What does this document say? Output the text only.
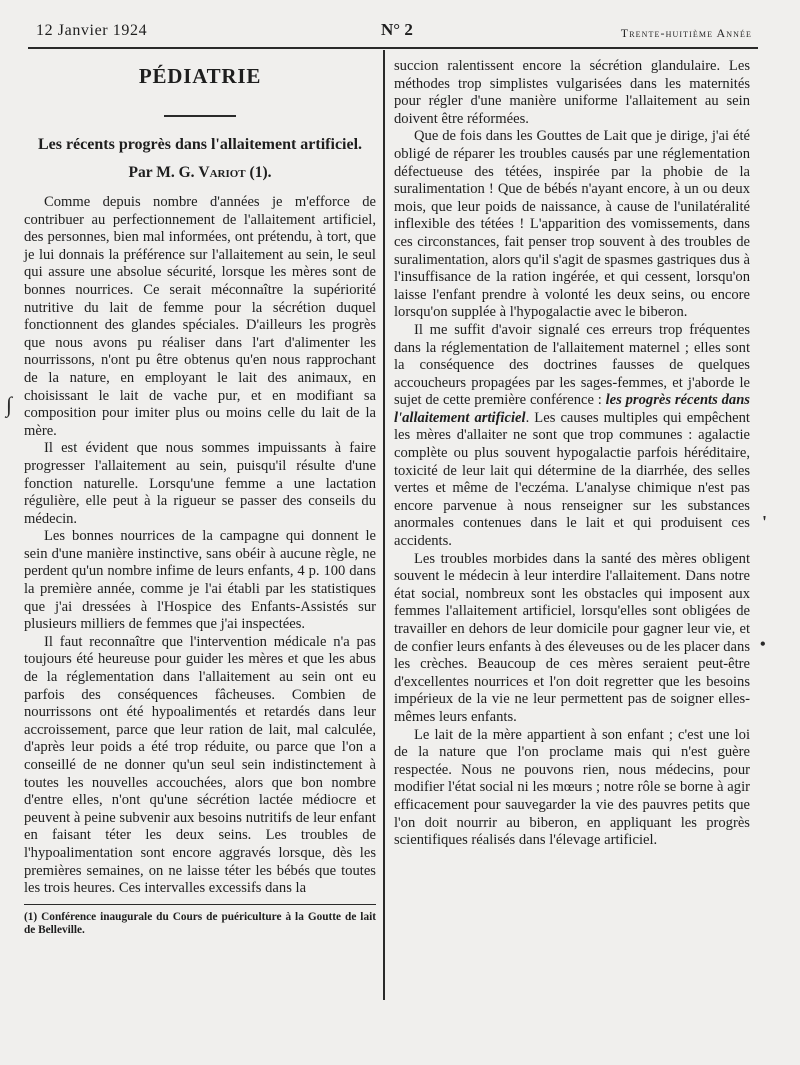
12 Janvier 1924	N° 2	Trente-huitième Année
PÉDIATRIE
Les récents progrès dans l'allaitement artificiel.
Par M. G. Variot (1).

Comme depuis nombre d'années je m'efforce de contribuer au perfectionnement de l'allaitement artificiel, des personnes, bien mal informées, ont prétendu, à tort, que je lui donnais la préférence sur l'allaitement au sein, le seul qui assure une absolue sécurité, lorsque les mères sont de bonnes nourrices. Ce serait méconnaître la supériorité nutritive du lait de femme pour la sécrétion duquel fonctionnent des glandes spéciales. D'ailleurs les progrès que nous avons pu réaliser dans l'art d'alimenter les nourrissons, n'ont pu être obtenus qu'en nous rapprochant de la nature, en employant le lait des animaux, en choisissant le lait de vache pur, et en modifiant sa composition pour imiter plus ou moins celle du lait de la mère.

Il est évident que nous sommes impuissants à faire progresser l'allaitement au sein, puisqu'il résulte d'une fonction naturelle. Lorsqu'une femme a une lactation régulière, elle peut à la rigueur se passer des conseils du médecin.

Les bonnes nourrices de la campagne qui donnent le sein d'une manière instinctive, sans obéir à aucune règle, ne perdent qu'un nombre infime de leurs enfants, 4 p. 100 dans la première année, comme je l'ai établi par les statistiques que j'ai dressées à l'Hospice des Enfants-Assistés sur plusieurs milliers de femmes que j'ai inspectées.

Il faut reconnaître que l'intervention médicale n'a pas toujours été heureuse pour guider les mères et que les abus de la réglementation dans l'allaitement au sein ont eu parfois des conséquences fâcheuses. Combien de nourrissons ont été hypoalimentés et retardés dans leur accroissement, parce que leur ration de lait, mal calculée, d'après leur poids a été trop réduite, ou parce que l'on a conseillé de ne donner qu'un seul sein indistinctement à toutes les nouvelles accouchées, alors que bon nombre d'entre elles, n'ont qu'une sécrétion lactée médiocre et peuvent à peine subvenir aux besoins nutritifs de leur enfant en faisant téter les deux seins. Les troubles de l'hypoalimentation sont encore aggravés lorsque, dès les premières semaines, on ne laisse téter les bébés que toutes les trois heures. Ces intervalles excessifs dans la

(1) Conférence inaugurale du Cours de puériculture à la Goutte de lait de Belleville.

succion ralentissent encore la sécrétion glandulaire. Les méthodes trop simplistes vulgarisées dans les maternités pour régler d'une manière uniforme l'allaitement au sein doivent être réformées.

Que de fois dans les Gouttes de Lait que je dirige, j'ai été obligé de réparer les troubles causés par une réglementation défectueuse des tétées, inspirée par la phobie de la suralimentation ! Que de bébés n'ayant encore, à un ou deux mois, que leur poids de naissance, à cause de l'unilatéralité inflexible des tétées ! L'apparition des vomissements, dans ces circonstances, fait penser trop souvent à des troubles de suralimentation, alors qu'il s'agit de spasmes gastriques dus à l'insuffisance de la ration ingérée, et qui cessent, lorsqu'on laisse l'enfant prendre à volonté les deux seins, ou encore lorsqu'on supplée à l'hypogalactie avec le biberon.

Il me suffit d'avoir signalé ces erreurs trop fréquentes dans la réglementation de l'allaitement maternel ; elles sont la conséquence des doctrines fausses de quelques accoucheurs propagées par les sages-femmes, et j'aborde le sujet de cette première conférence : les progrès récents dans l'allaitement artificiel. Les causes multiples qui empêchent les mères d'allaiter ne sont que trop communes : agalactie complète ou plus souvent hypogalactie parfois héréditaire, toxicité de leur lait qui détermine de la diarrhée, des selles vertes et même de l'eczéma. L'analyse chimique n'est pas encore parvenue à nous renseigner sur les substances anormales contenues dans le lait et qui produisent ces accidents.

Les troubles morbides dans la santé des mères obligent souvent le médecin à leur interdire l'allaitement. Dans notre état social, nombreux sont les obstacles qui imposent aux femmes l'allaitement artificiel, lorsqu'elles sont obligées de travailler en dehors de leur domicile pour gagner leur vie, et de confier leurs enfants à des éleveuses ou de les placer dans les crèches. Beaucoup de ces mères seraient peut-être d'excellentes nourrices et l'on doit regretter que les besoins impérieux de la vie ne leur permettent pas de soigner elles-mêmes leurs enfants.

Le lait de la mère appartient à son enfant ; c'est une loi de la nature que l'on proclame mais qui n'est guère respectée. Nous ne pouvons rien, nous médecins, pour modifier l'état social ni les mœurs ; notre rôle se borne à agir efficacement pour sauvegarder la vie des pauvres petits que l'on doit nourrir au biberon, en appliquant les progrès scientifiques réalisés dans l'élevage artificiel.

∫
'
•
